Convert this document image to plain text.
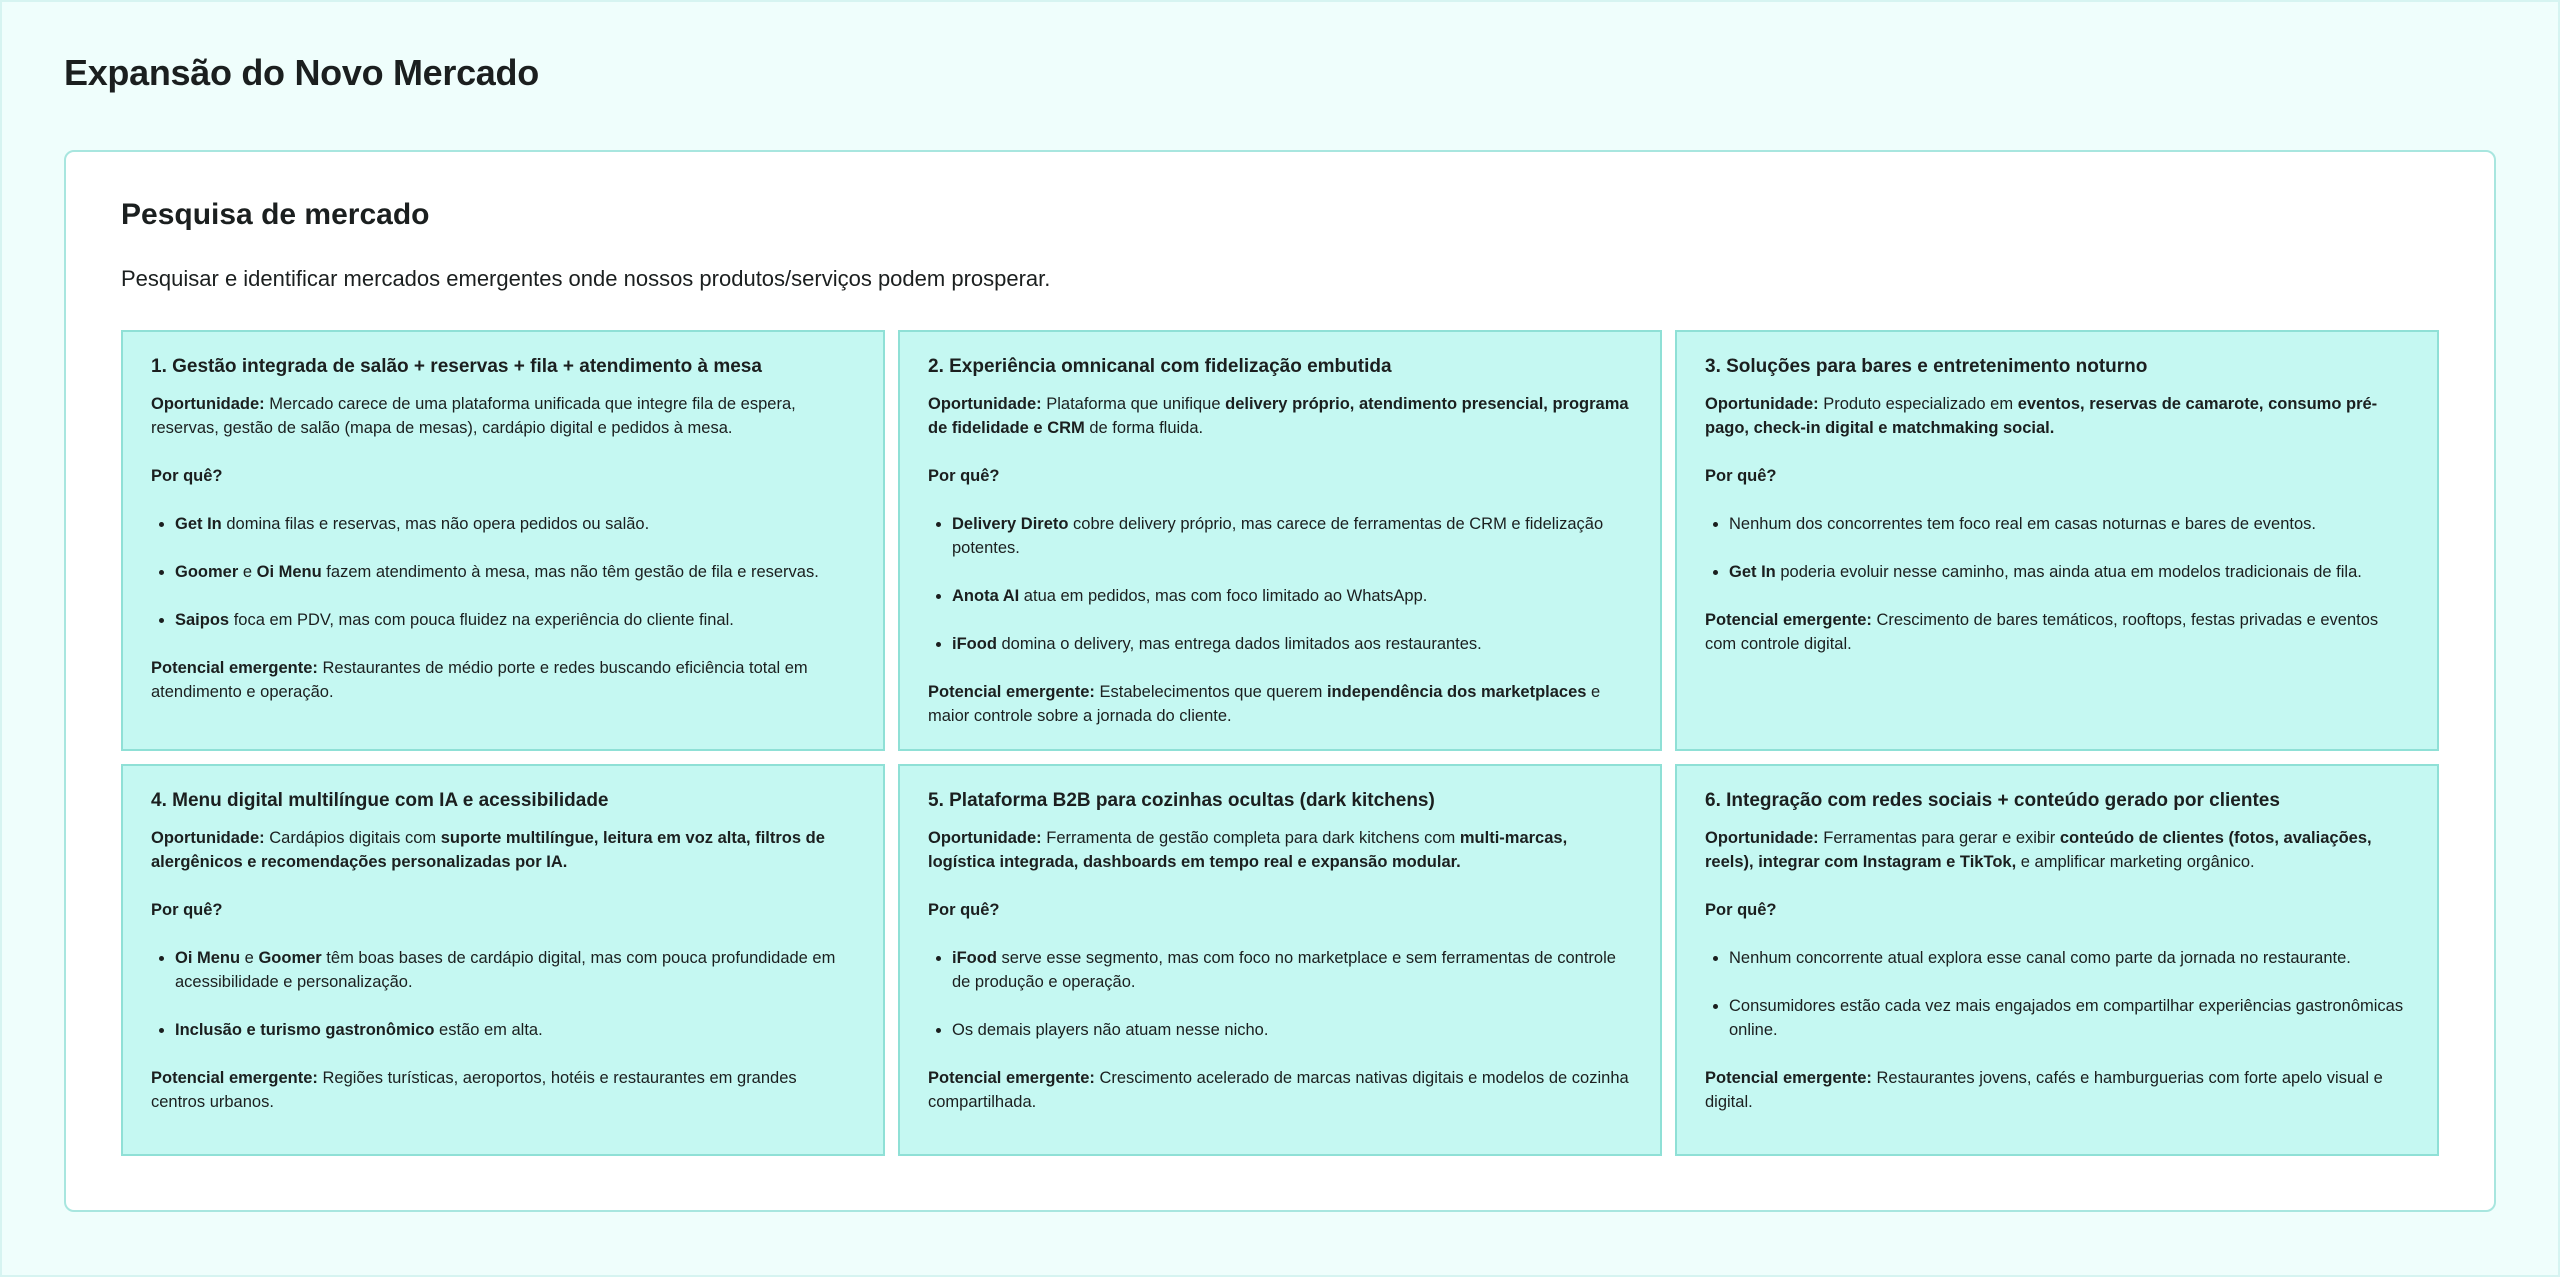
Expansão do Novo Mercado
Pesquisa de mercado

Pesquisar e identificar mercados emergentes onde nossos produtos/serviços podem prosperar.

1. Gestão integrada de salão + reservas + fila + atendimento à mesa

Oportunidade: Mercado carece de uma plataforma unificada que integre fila de espera, reservas, gestão de salão (mapa de mesas), cardápio digital e pedidos à mesa.

Por quê?

• Get In domina filas e reservas, mas não opera pedidos ou salão.
• Goomer e Oi Menu fazem atendimento à mesa, mas não têm gestão de fila e reservas.
• Saipos foca em PDV, mas com pouca fluidez na experiência do cliente final.

Potencial emergente: Restaurantes de médio porte e redes buscando eficiência total em atendimento e operação.

2. Experiência omnicanal com fidelização embutida

Oportunidade: Plataforma que unifique delivery próprio, atendimento presencial, programa de fidelidade e CRM de forma fluida.

Por quê?

• Delivery Direto cobre delivery próprio, mas carece de ferramentas de CRM e fidelização potentes.
• Anota AI atua em pedidos, mas com foco limitado ao WhatsApp.
• iFood domina o delivery, mas entrega dados limitados aos restaurantes.

Potencial emergente: Estabelecimentos que querem independência dos marketplaces e maior controle sobre a jornada do cliente.

3. Soluções para bares e entretenimento noturno

Oportunidade: Produto especializado em eventos, reservas de camarote, consumo pré-pago, check-in digital e matchmaking social.

Por quê?

• Nenhum dos concorrentes tem foco real em casas noturnas e bares de eventos.
• Get In poderia evoluir nesse caminho, mas ainda atua em modelos tradicionais de fila.

Potencial emergente: Crescimento de bares temáticos, rooftops, festas privadas e eventos com controle digital.

4. Menu digital multilíngue com IA e acessibilidade

Oportunidade: Cardápios digitais com suporte multilíngue, leitura em voz alta, filtros de alergênicos e recomendações personalizadas por IA.

Por quê?

• Oi Menu e Goomer têm boas bases de cardápio digital, mas com pouca profundidade em acessibilidade e personalização.
• Inclusão e turismo gastronômico estão em alta.

Potencial emergente: Regiões turísticas, aeroportos, hotéis e restaurantes em grandes centros urbanos.

5. Plataforma B2B para cozinhas ocultas (dark kitchens)

Oportunidade: Ferramenta de gestão completa para dark kitchens com multi-marcas, logística integrada, dashboards em tempo real e expansão modular.

Por quê?

• iFood serve esse segmento, mas com foco no marketplace e sem ferramentas de controle de produção e operação.
• Os demais players não atuam nesse nicho.

Potencial emergente: Crescimento acelerado de marcas nativas digitais e modelos de cozinha compartilhada.

6. Integração com redes sociais + conteúdo gerado por clientes

Oportunidade: Ferramentas para gerar e exibir conteúdo de clientes (fotos, avaliações, reels), integrar com Instagram e TikTok, e amplificar marketing orgânico.

Por quê?

• Nenhum concorrente atual explora esse canal como parte da jornada no restaurante.
• Consumidores estão cada vez mais engajados em compartilhar experiências gastronômicas online.

Potencial emergente: Restaurantes jovens, cafés e hamburguerias com forte apelo visual e digital.
